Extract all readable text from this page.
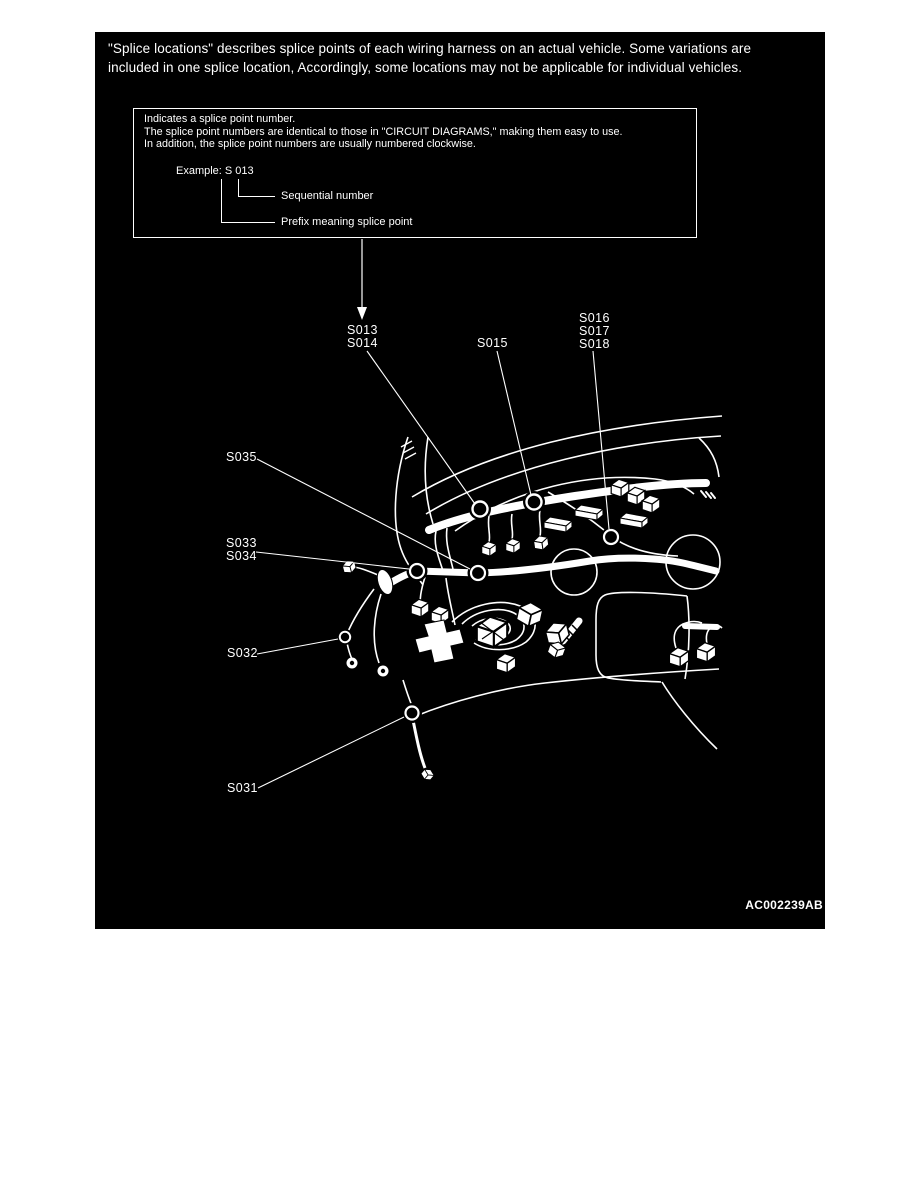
"Splice locations" describes splice points of each wiring harness on an actual vehicle. Some variations are
included in one splice location, Accordingly, some locations may not be applicable for individual vehicles.
Indicates a splice point number.
The splice point numbers are identical to those in "CIRCUIT DIAGRAMS," making them easy to use.
In addition, the splice point numbers are usually numbered clockwise.
Example: S 013
Sequential number
Prefix meaning splice point
S013
S014	S015
S016
S017
S018
S035
S033
S034
S032
S031
AC002239AB
